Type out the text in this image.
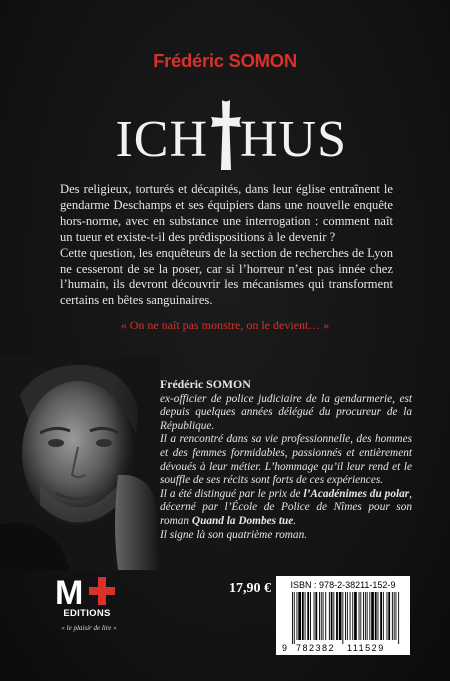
Frédéric SOMON
ICH HUS

Des religieux, torturés et décapités, dans leur église entraînent le gendarme Deschamps et ses équipiers dans une nouvelle enquête hors-norme, avec en substance une interrogation : comment naît un tueur et existe-t-il des prédispositions à le devenir ?

Cette question, les enquêteurs de la section de recherches de Lyon ne cesseront de se la poser, car si l’horreur n’est pas innée chez l’humain, ils devront découvrir les mécanismes qui transforment certains en bêtes sanguinaires.

« On ne naît pas monstre, on le devient… »
Frédéric SOMON

ex-officier de police judiciaire de la gendarmerie, est depuis quelques années délégué du procureur de la République.

Il a rencontré dans sa vie professionnelle, des hommes et des femmes formidables, passionnés et entièrement dévoués à leur métier. L’hommage qu’il leur rend et le souffle de ses récits sont forts de ces expériences.

Il a été distingué par le prix de l’Acadénimes du polar, décerné par l’École de Police de Nîmes pour son roman Quand la Dombes tue.

Il signe là son quatrième roman.

M
EDITIONS
« le plaisir de lire »
17,90 €	ISBN : 978-2-38211-152-9
9 782382 111529
